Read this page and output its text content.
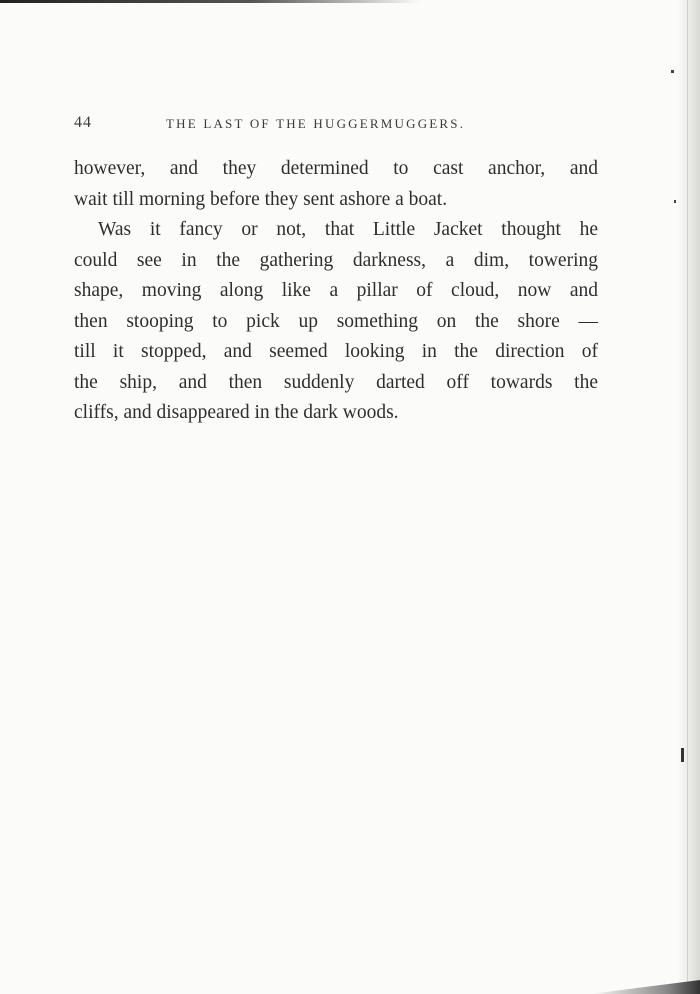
44	THE LAST OF THE HUGGERMUGGERS.
however, and they determined to cast anchor, and
wait till morning before they sent ashore a boat.
Was it fancy or not, that Little Jacket thought he
could see in the gathering darkness, a dim, towering
shape, moving along like a pillar of cloud, now and
then stooping to pick up something on the shore —
till it stopped, and seemed looking in the direction of
the ship, and then suddenly darted off towards the
cliffs, and disappeared in the dark woods.
